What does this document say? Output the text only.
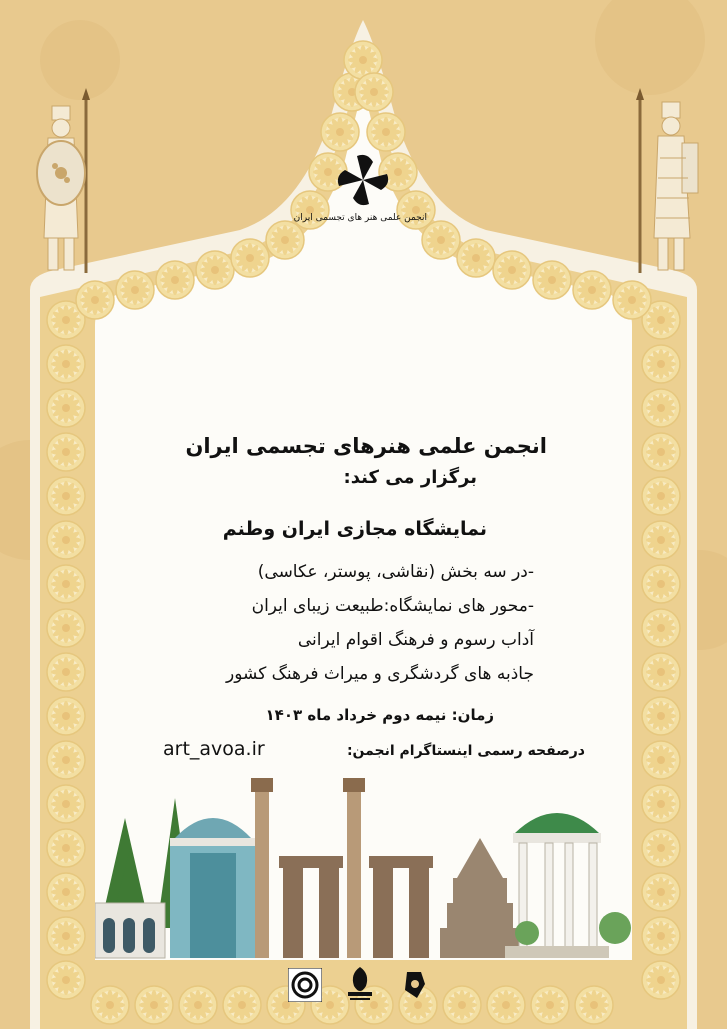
انجمن علمی هنر های تجسمی ایران
انجمن علمی هنرهای تجسمی ایران
برگزار می کند:
نمایشگاه مجازی ایران وطنم
-در سه بخش (نقاشی، پوستر، عکاسی)
-محور های نمایشگاه:طبیعت زیبای ایران
آداب رسوم و فرهنگ اقوام ایرانی
جاذبه های گردشگری و میراث فرهنگ کشور
زمان: نیمه دوم خرداد ماه ۱۴۰۳
درصفحه رسمی اینستاگرام انجمن:
art_avoa.ir
